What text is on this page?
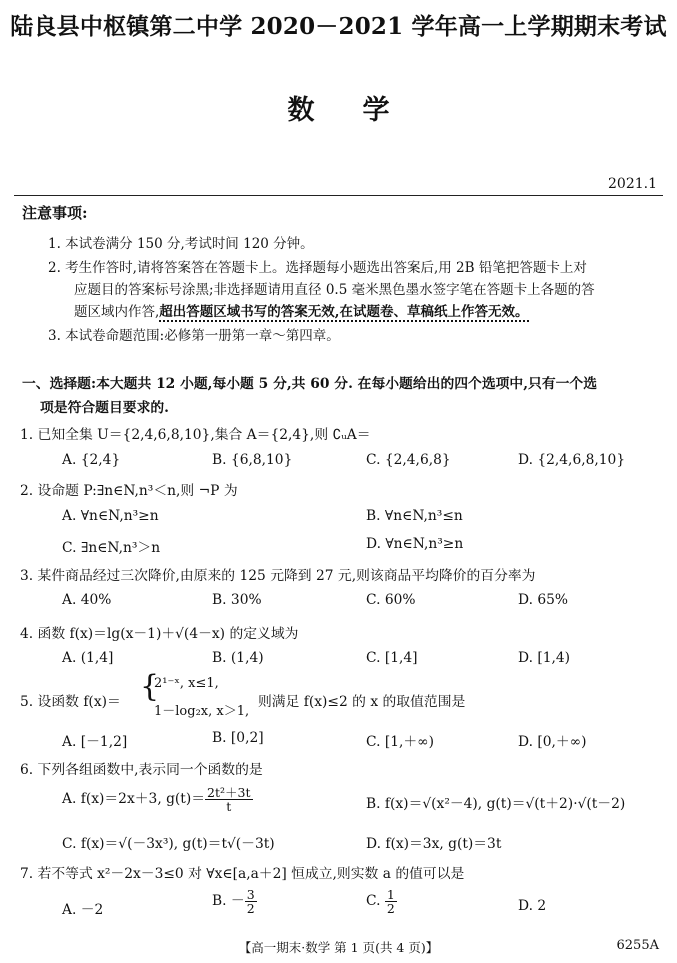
陆良县中枢镇第二中学 2020－2021 学年高一上学期期末考试
数学
2021.1
注意事项:
1. 本试卷满分 150 分,考试时间 120 分钟。
2. 考生作答时,请将答案答在答题卡上。选择题每小题选出答案后,用 2B 铅笔把答题卡上对
应题目的答案标号涂黑;非选择题请用直径 0.5 毫米黑色墨水签字笔在答题卡上各题的答
题区域内作答,超出答题区域书写的答案无效,在试题卷、草稿纸上作答无效。
3. 本试卷命题范围:必修第一册第一章～第四章。
一、选择题:本大题共 12 小题,每小题 5 分,共 60 分. 在每小题给出的四个选项中,只有一个选
项是符合题目要求的.
1. 已知全集 U＝{2,4,6,8,10},集合 A＝{2,4},则 ∁ᵤA＝
A. {2,4}	B. {6,8,10}	C. {2,4,6,8}	D. {2,4,6,8,10}
2. 设命题 P:∃n∈N,n³＜n,则 ¬P 为
A. ∀n∈N,n³≥n	B. ∀n∈N,n³≤n
C. ∃n∈N,n³＞n	D. ∀n∈N,n³≥n
3. 某件商品经过三次降价,由原来的 125 元降到 27 元,则该商品平均降价的百分率为
A. 40%	B. 30%	C. 60%	D. 65%
4. 函数 f(x)＝lg(x－1)＋√(4－x) 的定义域为
A. (1,4]	B. (1,4)	C. [1,4]	D. [1,4)
5. 设函数 f(x)＝ {
2¹⁻ˣ, x≤1,
1－log₂x, x＞1,
则满足 f(x)≤2 的 x 的取值范围是
A. [－1,2]	B. [0,2]	C. [1,＋∞)	D. [0,＋∞)
6. 下列各组函数中,表示同一个函数的是
A. f(x)＝2x＋3, $g(t)= \frac{\text{2t²＋3t}}{t}$	B. f(x)＝√(x²－4), g(t)＝√(t＋2)·√(t－2)
C. f(x)＝√(－3x³), g(t)＝t√(－3t)	D. f(x)＝3x, g(t)＝3t
7. 若不等式 x²－2x－3≤0 对 ∀x∈[a,a＋2] 恒成立,则实数 a 的值可以是
A. －2
B. － $\frac{3}{2}$	C. $\frac{1}{2}$	D. 2
【高一期末·数学 第 1 页(共 4 页)】	6255A
